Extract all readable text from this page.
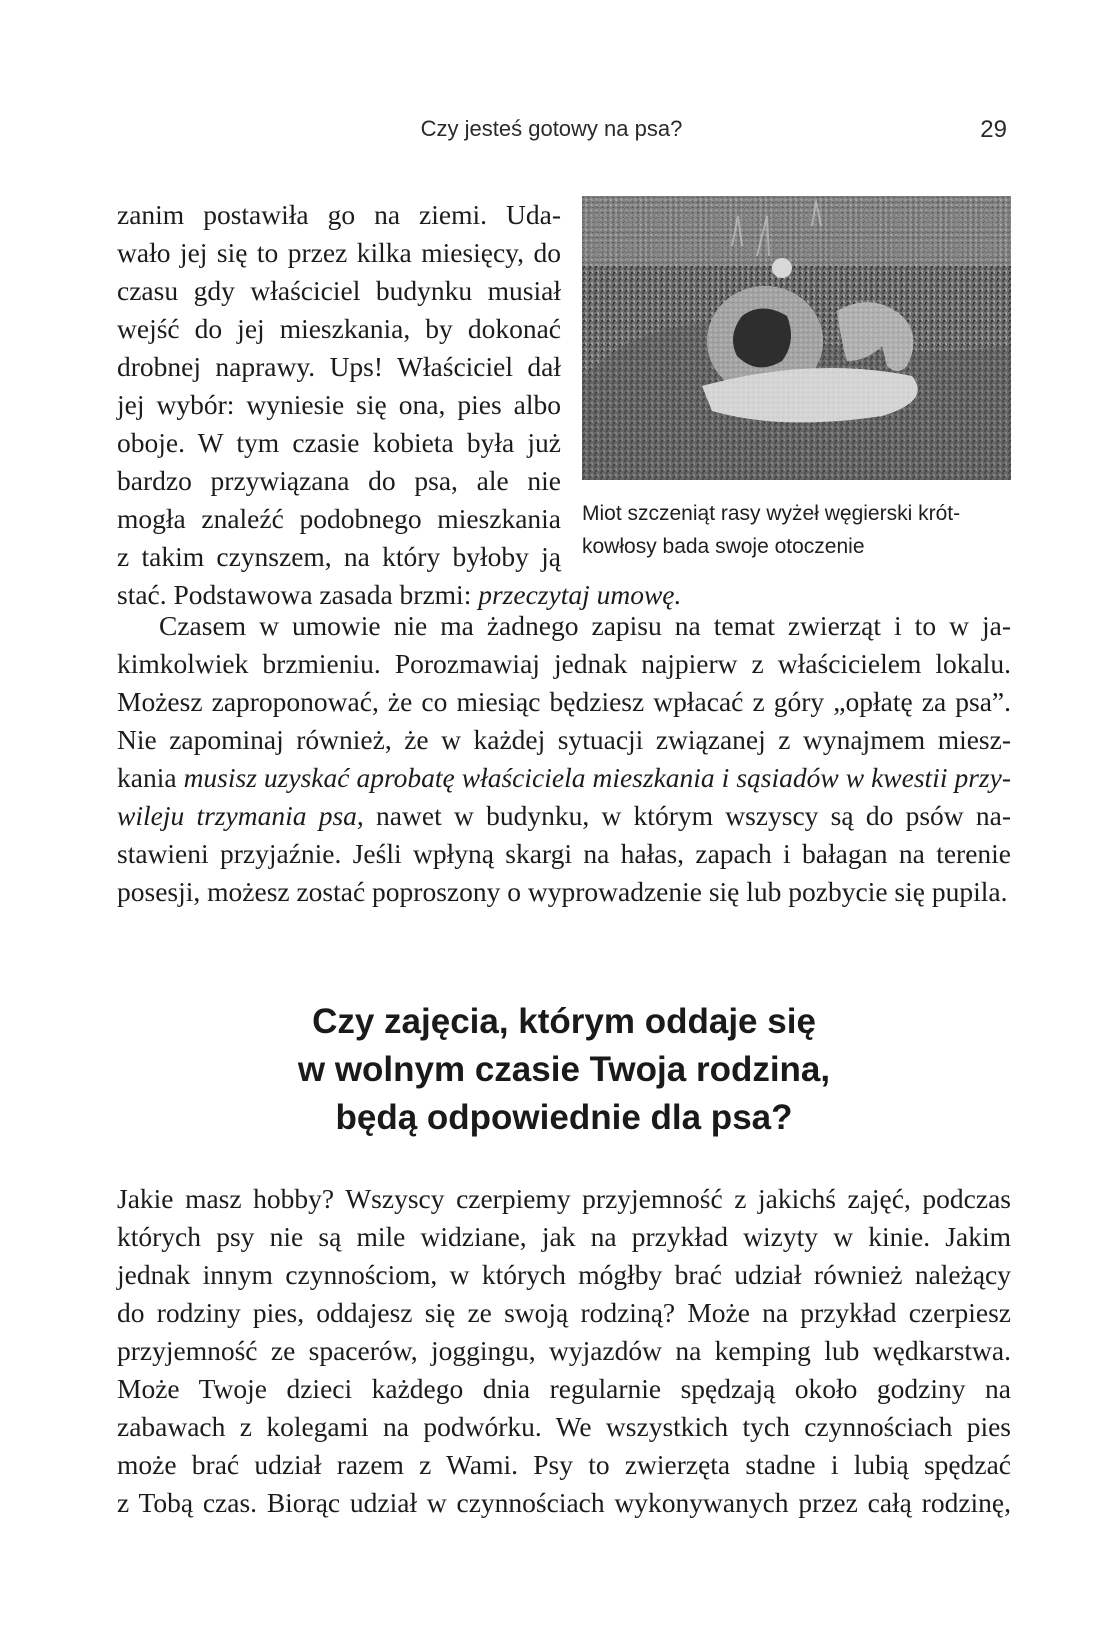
Czy jesteś gotowy na psa?	29
zanim postawiła go na ziemi. Uda-
wało jej się to przez kilka miesięcy, do
czasu gdy właściciel budynku musiał
wejść do jej mieszkania, by dokonać
drobnej naprawy. Ups! Właściciel dał
jej wybór: wyniesie się ona, pies albo
oboje. W tym czasie kobieta była już
bardzo przywiązana do psa, ale nie
mogła znaleźć podobnego mieszkania
z takim czynszem, na który byłoby ją
stać. Podstawowa zasada brzmi: przeczytaj umowę.
Miot szczeniąt rasy wyżeł węgierski krót-
kowłosy bada swoje otoczenie
Czasem w umowie nie ma żadnego zapisu na temat zwierząt i to w ja-
kimkolwiek brzmieniu. Porozmawiaj jednak najpierw z właścicielem lokalu.
Możesz zaproponować, że co miesiąc będziesz wpłacać z góry „opłatę za psa”.
Nie zapominaj również, że w każdej sytuacji związanej z wynajmem miesz-
kania musisz uzyskać aprobatę właściciela mieszkania i sąsiadów w kwestii przy-
wileju trzymania psa, nawet w budynku, w którym wszyscy są do psów na-
stawieni przyjaźnie. Jeśli wpłyną skargi na hałas, zapach i bałagan na terenie
posesji, możesz zostać poproszony o wyprowadzenie się lub pozbycie się pupila.
Czy zajęcia, którym oddaje się
w wolnym czasie Twoja rodzina,
będą odpowiednie dla psa?
Jakie masz hobby? Wszyscy czerpiemy przyjemność z jakichś zajęć, podczas
których psy nie są mile widziane, jak na przykład wizyty w kinie. Jakim
jednak innym czynnościom, w których mógłby brać udział również należący
do rodziny pies, oddajesz się ze swoją rodziną? Może na przykład czerpiesz
przyjemność ze spacerów, joggingu, wyjazdów na kemping lub wędkarstwa.
Może Twoje dzieci każdego dnia regularnie spędzają około godziny na
zabawach z kolegami na podwórku. We wszystkich tych czynnościach pies
może brać udział razem z Wami. Psy to zwierzęta stadne i lubią spędzać
z Tobą czas. Biorąc udział w czynnościach wykonywanych przez całą rodzinę,
